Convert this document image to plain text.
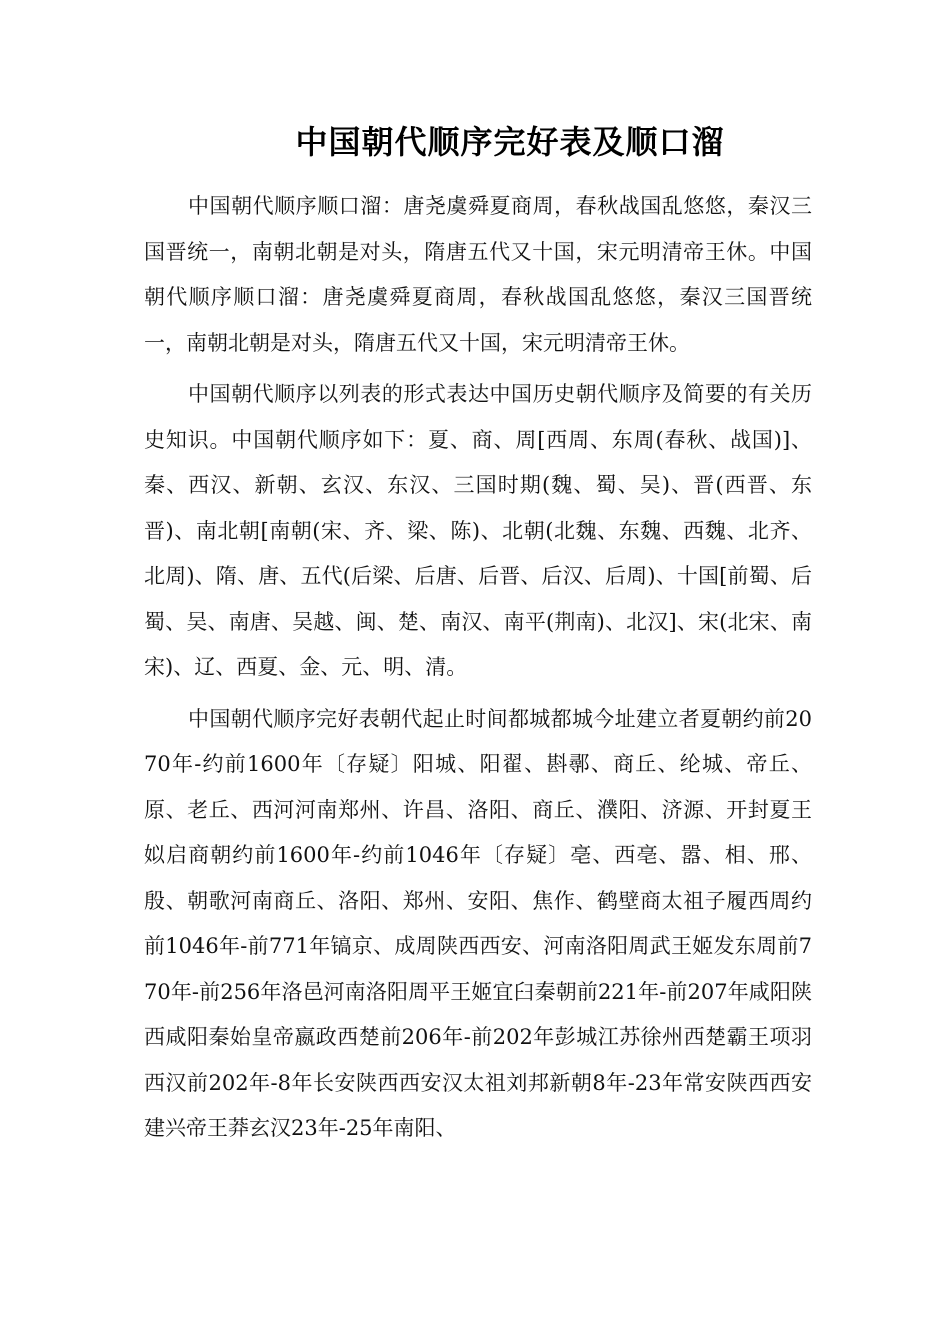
中国朝代顺序完好表及顺口溜

中国朝代顺序顺口溜：唐尧虞舜夏商周，春秋战国乱悠悠，秦汉三国晋统一，南朝北朝是对头，隋唐五代又十国，宋元明清帝王休。中国朝代顺序顺口溜：唐尧虞舜夏商周，春秋战国乱悠悠，秦汉三国晋统一，南朝北朝是对头，隋唐五代又十国，宋元明清帝王休。

中国朝代顺序以列表的形式表达中国历史朝代顺序及简要的有关历史知识。中国朝代顺序如下：夏、商、周[西周、东周(春秋、战国)]、秦、西汉、新朝、玄汉、东汉、三国时期(魏、蜀、吴)、晋(西晋、东晋)、南北朝[南朝(宋、齐、梁、陈)、北朝(北魏、东魏、西魏、北齐、北周)、隋、唐、五代(后梁、后唐、后晋、后汉、后周)、十国[前蜀、后蜀、吴、南唐、吴越、闽、楚、南汉、南平(荆南)、北汉]、宋(北宋、南宋)、辽、西夏、金、元、明、清。

中国朝代顺序完好表朝代起止时间都城都城今址建立者夏朝约前2070年-约前1600年〔存疑〕阳城、阳翟、斟鄩、商丘、纶城、帝丘、原、老丘、西河河南郑州、许昌、洛阳、商丘、濮阳、济源、开封夏王姒启商朝约前1600年-约前1046年〔存疑〕亳、西亳、嚣、相、邢、殷、朝歌河南商丘、洛阳、郑州、安阳、焦作、鹤壁商太祖子履西周约前1046年-前771年镐京、成周陕西西安、河南洛阳周武王姬发东周前770年-前256年洛邑河南洛阳周平王姬宜臼秦朝前221年-前207年咸阳陕西咸阳秦始皇帝嬴政西楚前206年-前202年彭城江苏徐州西楚霸王项羽西汉前202年-8年长安陕西西安汉太祖刘邦新朝8年-23年常安陕西西安建兴帝王莽玄汉23年-25年南阳、
